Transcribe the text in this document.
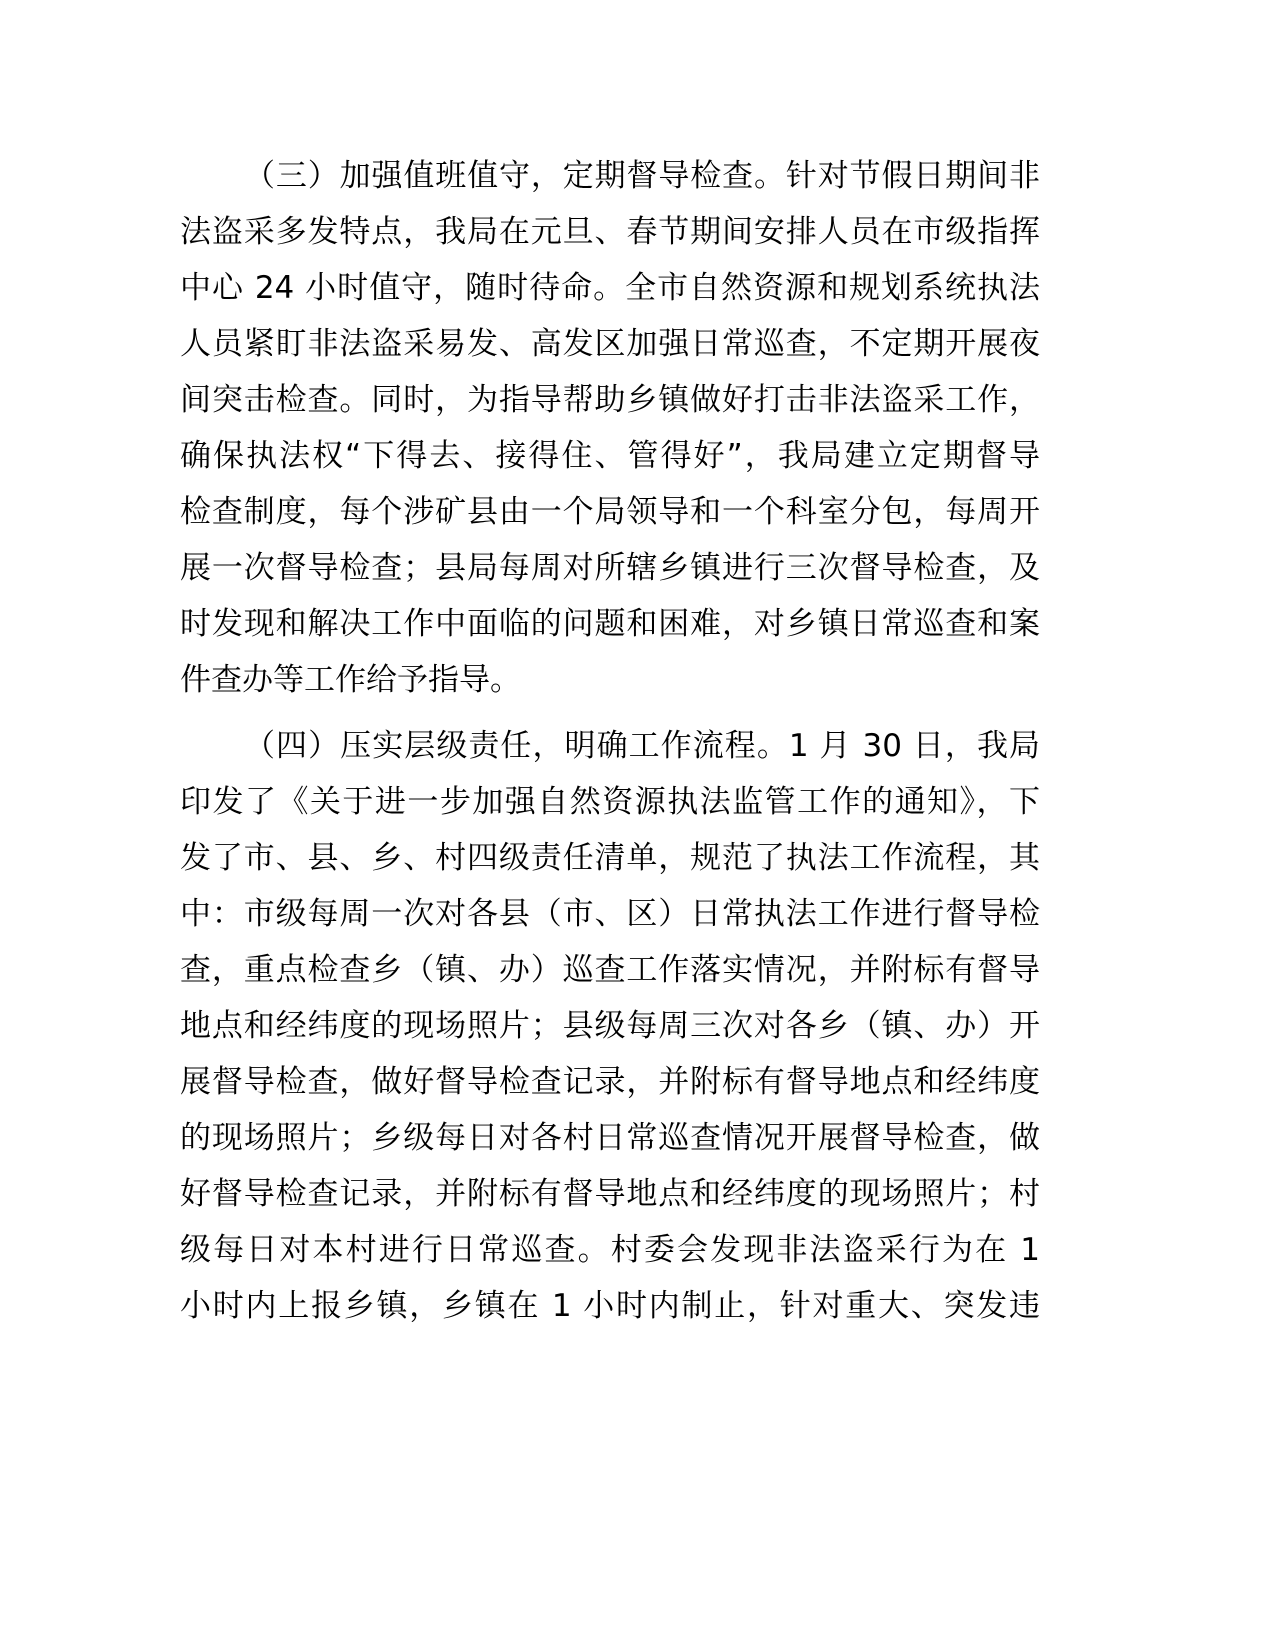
（三）加强值班值守，定期督导检查。针对节假日期间非
法盗采多发特点，我局在元旦、春节期间安排人员在市级指挥
中心 24 小时值守，随时待命。全市自然资源和规划系统执法
人员紧盯非法盗采易发、高发区加强日常巡查，不定期开展夜
间突击检查。同时，为指导帮助乡镇做好打击非法盗采工作，
确保执法权“下得去、接得住、管得好”，我局建立定期督导
检查制度，每个涉矿县由一个局领导和一个科室分包，每周开
展一次督导检查；县局每周对所辖乡镇进行三次督导检查，及
时发现和解决工作中面临的问题和困难，对乡镇日常巡查和案
件查办等工作给予指导。
（四）压实层级责任，明确工作流程。1 月 30 日，我局
印发了《关于进一步加强自然资源执法监管工作的通知》，下
发了市、县、乡、村四级责任清单，规范了执法工作流程，其
中：市级每周一次对各县（市、区）日常执法工作进行督导检
查，重点检查乡（镇、办）巡查工作落实情况，并附标有督导
地点和经纬度的现场照片；县级每周三次对各乡（镇、办）开
展督导检查，做好督导检查记录，并附标有督导地点和经纬度
的现场照片；乡级每日对各村日常巡查情况开展督导检查，做
好督导检查记录，并附标有督导地点和经纬度的现场照片；村
级每日对本村进行日常巡查。村委会发现非法盗采行为在 1
小时内上报乡镇，乡镇在 1 小时内制止，针对重大、突发违
